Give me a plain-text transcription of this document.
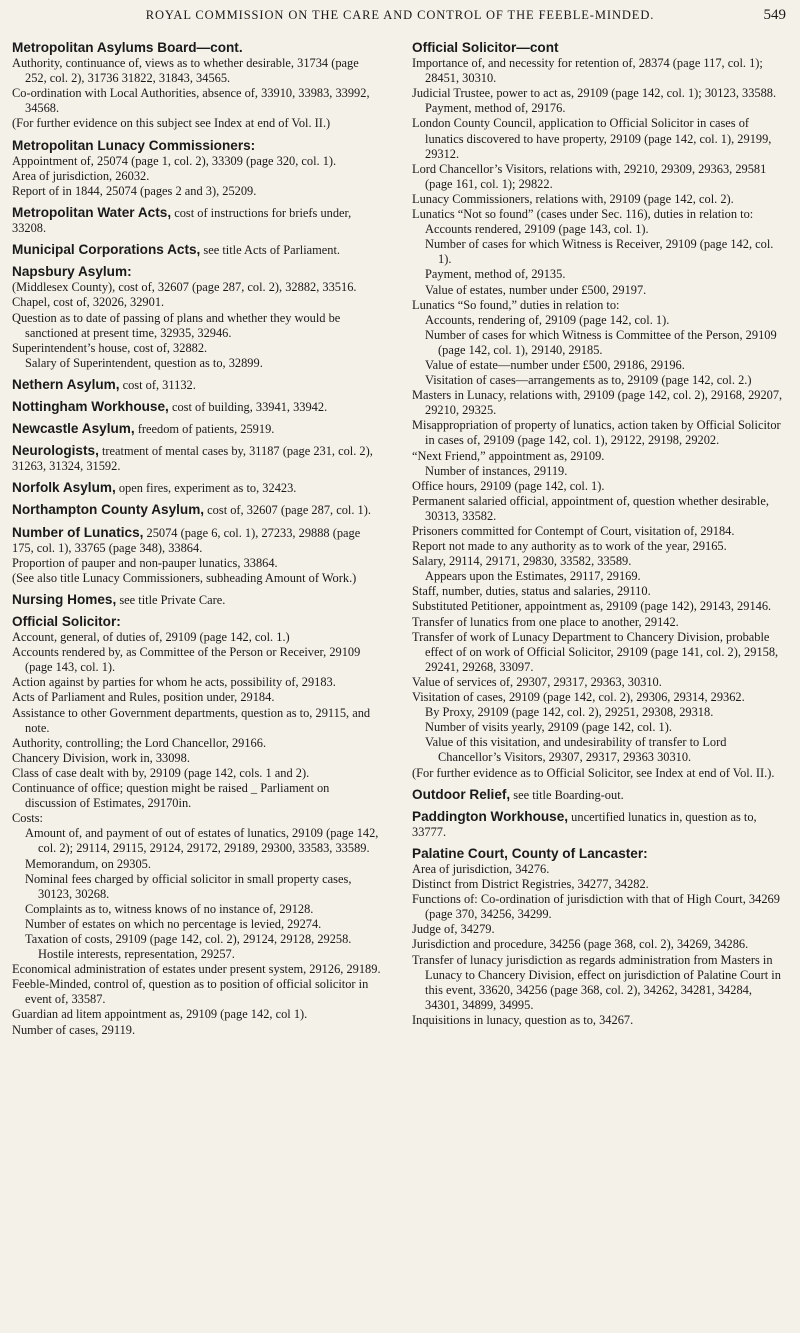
ROYAL COMMISSION ON THE CARE AND CONTROL OF THE FEEBLE-MINDED.	549
Metropolitan Asylums Board—cont.
Authority, continuance of, views as to whether desirable, 31734 (page 252, col. 2), 31736 31822, 31843, 34565.
Co-ordination with Local Authorities, absence of, 33910, 33983, 33992, 34568.
(For further evidence on this subject see Index at end of Vol. II.)
Metropolitan Lunacy Commissioners:
Appointment of, 25074 (page 1, col. 2), 33309 (page 320, col. 1).
Area of jurisdiction, 26032.
Report of in 1844, 25074 (pages 2 and 3), 25209.
Metropolitan Water Acts, cost of instructions for briefs under, 33208.
Municipal Corporations Acts, see title Acts of Parliament.
Napsbury Asylum:
(Middlesex County), cost of, 32607 (page 287, col. 2), 32882, 33516.
Chapel, cost of, 32026, 32901.
Question as to date of passing of plans and whether they would be sanctioned at present time, 32935, 32946.
Superintendent’s house, cost of, 32882.
Salary of Superintendent, question as to, 32899.
Nethern Asylum, cost of, 31132.
Nottingham Workhouse, cost of building, 33941, 33942.
Newcastle Asylum, freedom of patients, 25919.
Neurologists, treatment of mental cases by, 31187 (page 231, col. 2), 31263, 31324, 31592.
Norfolk Asylum, open fires, experiment as to, 32423.
Northampton County Asylum, cost of, 32607 (page 287, col. 1).
Number of Lunatics, 25074 (page 6, col. 1), 27233, 29888 (page 175, col. 1), 33765 (page 348), 33864.
Proportion of pauper and non-pauper lunatics, 33864.
(See also title Lunacy Commissioners, subheading Amount of Work.)
Nursing Homes, see title Private Care.
Official Solicitor:
Account, general, of duties of, 29109 (page 142, col. 1.)
Accounts rendered by, as Committee of the Person or Receiver, 29109 (page 143, col. 1).
Action against by parties for whom he acts, possibility of, 29183.
Acts of Parliament and Rules, position under, 29184.
Assistance to other Government departments, question as to, 29115, and note.
Authority, controlling; the Lord Chancellor, 29166.
Chancery Division, work in, 33098.
Class of case dealt with by, 29109 (page 142, cols. 1 and 2).
Continuance of office; question might be raised _ Parliament on discussion of Estimates, 29170in.
Costs:
Amount of, and payment of out of estates of lunatics, 29109 (page 142, col. 2); 29114, 29115, 29124, 29172, 29189, 29300, 33583, 33589.
Memorandum, on 29305.
Nominal fees charged by official solicitor in small property cases, 30123, 30268.
Complaints as to, witness knows of no instance of, 29128.
Number of estates on which no percentage is levied, 29274.
Taxation of costs, 29109 (page 142, col. 2), 29124, 29128, 29258.
Hostile interests, representation, 29257.
Economical administration of estates under present system, 29126, 29189.
Feeble-Minded, control of, question as to position of official solicitor in event of, 33587.
Guardian ad litem appointment as, 29109 (page 142, col 1).
Number of cases, 29119.
Official Solicitor—cont
Importance of, and necessity for retention of, 28374 (page 117, col. 1); 28451, 30310.
Judicial Trustee, power to act as, 29109 (page 142, col. 1); 30123, 33588.
Payment, method of, 29176.
London County Council, application to Official Solicitor in cases of lunatics discovered to have property, 29109 (page 142, col. 1), 29199, 29312.
Lord Chancellor’s Visitors, relations with, 29210, 29309, 29363, 29581 (page 161, col. 1); 29822.
Lunacy Commissioners, relations with, 29109 (page 142, col. 2).
Lunatics “Not so found” (cases under Sec. 116), duties in relation to:
Accounts rendered, 29109 (page 143, col. 1).
Number of cases for which Witness is Receiver, 29109 (page 142, col. 1).
Payment, method of, 29135.
Value of estates, number under £500, 29197.
Lunatics “So found,” duties in relation to:
Accounts, rendering of, 29109 (page 142, col. 1).
Number of cases for which Witness is Committee of the Person, 29109 (page 142, col. 1), 29140, 29185.
Value of estate—number under £500, 29186, 29196.
Visitation of cases—arrangements as to, 29109 (page 142, col. 2.)
Masters in Lunacy, relations with, 29109 (page 142, col. 2), 29168, 29207, 29210, 29325.
Misappropriation of property of lunatics, action taken by Official Solicitor in cases of, 29109 (page 142, col. 1), 29122, 29198, 29202.
“Next Friend,” appointment as, 29109.
Number of instances, 29119.
Office hours, 29109 (page 142, col. 1).
Permanent salaried official, appointment of, question whether desirable, 30313, 33582.
Prisoners committed for Contempt of Court, visitation of, 29184.
Report not made to any authority as to work of the year, 29165.
Salary, 29114, 29171, 29830, 33582, 33589.
Appears upon the Estimates, 29117, 29169.
Staff, number, duties, status and salaries, 29110.
Substituted Petitioner, appointment as, 29109 (page 142), 29143, 29146.
Transfer of lunatics from one place to another, 29142.
Transfer of work of Lunacy Department to Chancery Division, probable effect of on work of Official Solicitor, 29109 (page 141, col. 2), 29158, 29241, 29268, 33097.
Value of services of, 29307, 29317, 29363, 30310.
Visitation of cases, 29109 (page 142, col. 2), 29306, 29314, 29362.
By Proxy, 29109 (page 142, col. 2), 29251, 29308, 29318.
Number of visits yearly, 29109 (page 142, col. 1).
Value of this visitation, and undesirability of transfer to Lord Chancellor’s Visitors, 29307, 29317, 29363 30310.
(For further evidence as to Official Solicitor, see Index at end of Vol. II.).
Outdoor Relief, see title Boarding-out.
Paddington Workhouse, uncertified lunatics in, question as to, 33777.
Palatine Court, County of Lancaster:
Area of jurisdiction, 34276.
Distinct from District Registries, 34277, 34282.
Functions of: Co-ordination of jurisdiction with that of High Court, 34269 (page 370, 34256, 34299.
Judge of, 34279.
Jurisdiction and procedure, 34256 (page 368, col. 2), 34269, 34286.
Transfer of lunacy jurisdiction as regards administration from Masters in Lunacy to Chancery Division, effect on jurisdiction of Palatine Court in this event, 33620, 34256 (page 368, col. 2), 34262, 34281, 34284, 34301, 34899, 34995.
Inquisitions in lunacy, question as to, 34267.
